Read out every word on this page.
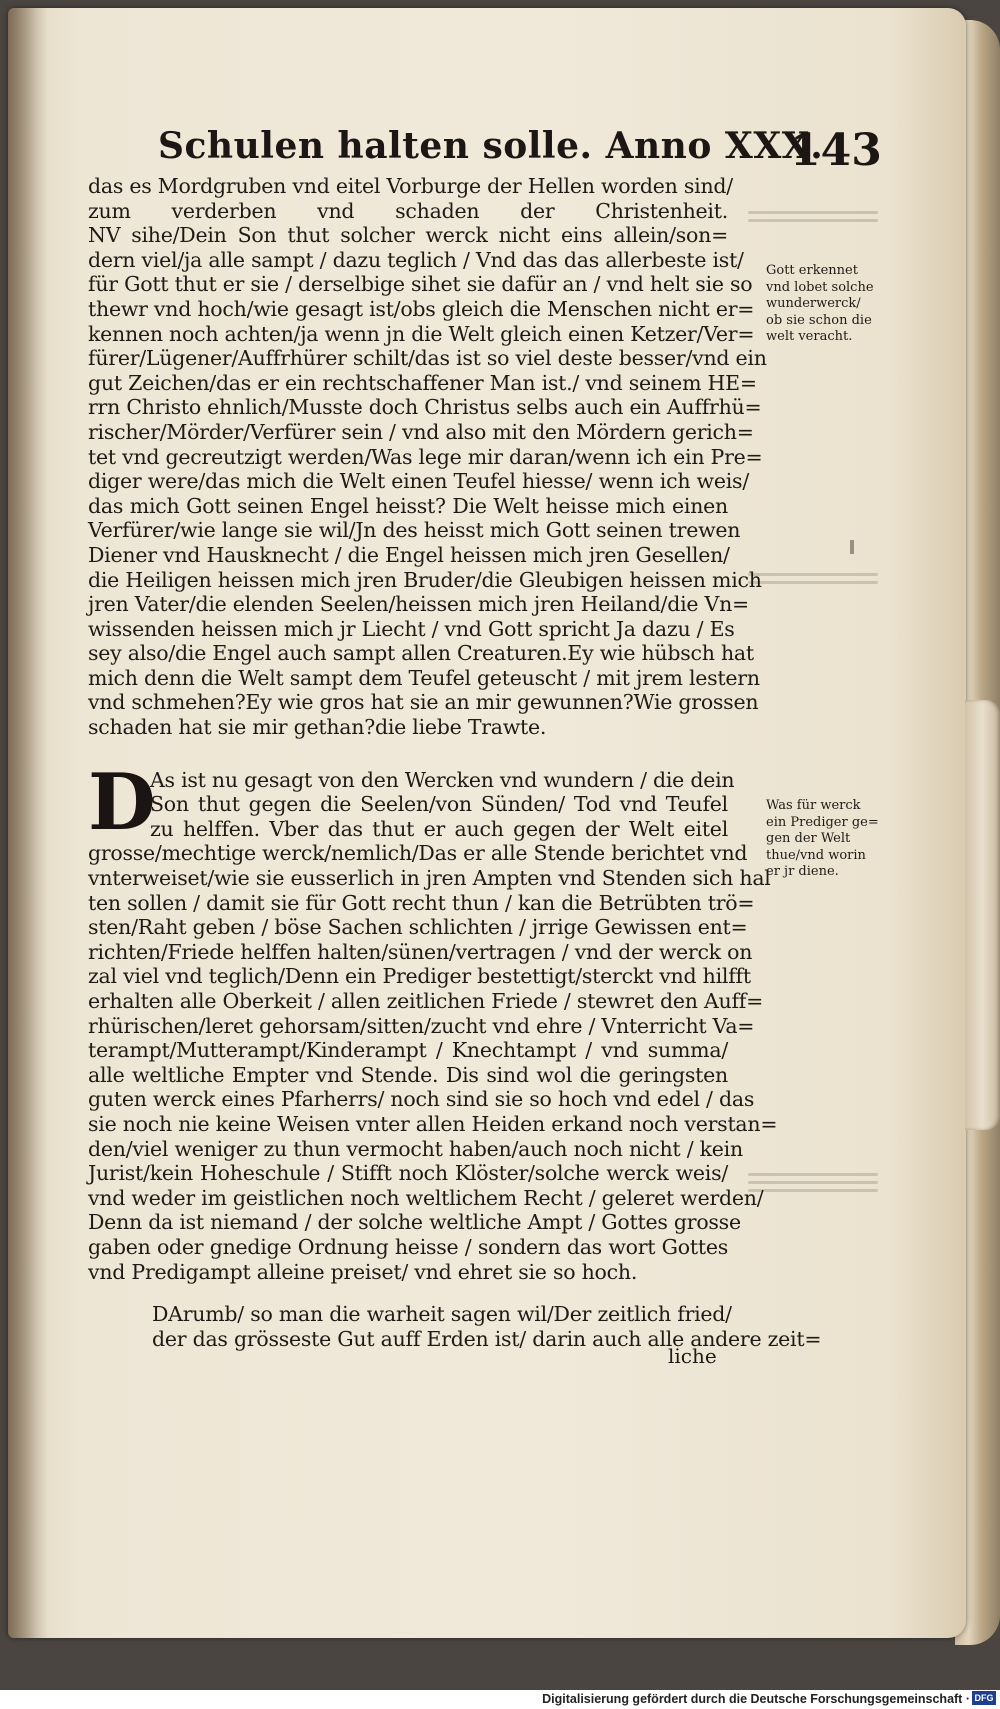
Schulen halten solle. Anno XXX.
143
das es Mordgruben vnd eitel Vorburge der Hellen worden sind/
zum verderben vnd schaden der Christenheit.
NV sihe/Dein Son thut solcher werck nicht eins allein/son=
dern viel/ja alle sampt / dazu teglich / Vnd das das allerbeste ist/
für Gott thut er sie / derselbige sihet sie dafür an / vnd helt sie so
thewr vnd hoch/wie gesagt ist/obs gleich die Menschen nicht er=
kennen noch achten/ja wenn jn die Welt gleich einen Ketzer/Ver=
fürer/Lügener/Auffrhürer schilt/das ist so viel deste besser/vnd ein
gut Zeichen/das er ein rechtschaffener Man ist./ vnd seinem HE=
rrn Christo ehnlich/Musste doch Christus selbs auch ein Auffrhü=
rischer/Mörder/Verfürer sein / vnd also mit den Mördern gerich=
tet vnd gecreutzigt werden/Was lege mir daran/wenn ich ein Pre=
diger were/das mich die Welt einen Teufel hiesse/ wenn ich weis/
das mich Gott seinen Engel heisst? Die Welt heisse mich einen
Verfürer/wie lange sie wil/Jn des heisst mich Gott seinen trewen
Diener vnd Hausknecht / die Engel heissen mich jren Gesellen/
die Heiligen heissen mich jren Bruder/die Gleubigen heissen mich
jren Vater/die elenden Seelen/heissen mich jren Heiland/die Vn=
wissenden heissen mich jr Liecht / vnd Gott spricht Ja dazu / Es
sey also/die Engel auch sampt allen Creaturen.Ey wie hübsch hat
mich denn die Welt sampt dem Teufel geteuscht / mit jrem lestern
vnd schmehen?Ey wie gros hat sie an mir gewunnen?Wie grossen
schaden hat sie mir gethan?die liebe Trawte.
D
As ist nu gesagt von den Wercken vnd wundern / die dein
Son thut gegen die Seelen/von Sünden/ Tod vnd Teufel
zu helffen. Vber das thut er auch gegen der Welt eitel
grosse/mechtige werck/nemlich/Das er alle Stende berichtet vnd
vnterweiset/wie sie eusserlich in jren Ampten vnd Stenden sich hal
ten sollen / damit sie für Gott recht thun / kan die Betrübten trö=
sten/Raht geben / böse Sachen schlichten / jrrige Gewissen ent=
richten/Friede helffen halten/sünen/vertragen / vnd der werck on
zal viel vnd teglich/Denn ein Prediger bestettigt/sterckt vnd hilfft
erhalten alle Oberkeit / allen zeitlichen Friede / stewret den Auff=
rhürischen/leret gehorsam/sitten/zucht vnd ehre / Vnterricht Va=
terampt/Mutterampt/Kinderampt / Knechtampt / vnd summa/
alle weltliche Empter vnd Stende. Dis sind wol die geringsten
guten werck eines Pfarherrs/ noch sind sie so hoch vnd edel / das
sie noch nie keine Weisen vnter allen Heiden erkand noch verstan=
den/viel weniger zu thun vermocht haben/auch noch nicht / kein
Jurist/kein Hoheschule / Stifft noch Klöster/solche werck weis/
vnd weder im geistlichen noch weltlichem Recht / geleret werden/
Denn da ist niemand / der solche weltliche Ampt / Gottes grosse
gaben oder gnedige Ordnung heisse / sondern das wort Gottes
vnd Predigampt alleine preiset/ vnd ehret sie so hoch.
DArumb/ so man die warheit sagen wil/Der zeitlich fried/
der das grösseste Gut auff Erden ist/ darin auch alle andere zeit=
liche
Gott erkennet
vnd lobet solche
wunderwerck/
ob sie schon die
welt veracht.
Was für werck
ein Prediger ge=
gen der Welt
thue/vnd worin
er jr diene.
Digitalisierung gefördert durch die Deutsche Forschungsgemeinschaft · DFG
